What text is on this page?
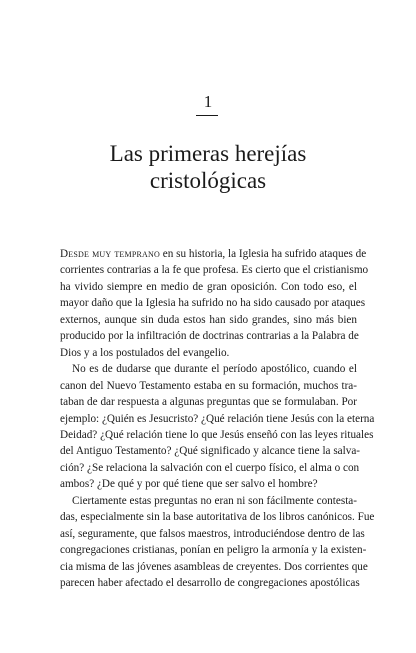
1
Las primeras herejías
cristológicas

Desde muy temprano en su historia, la Iglesia ha sufrido ataques de
corrientes contrarias a la fe que profesa. Es cierto que el cristianismo
ha vivido siempre en medio de gran oposición. Con todo eso, el
mayor daño que la Iglesia ha sufrido no ha sido causado por ataques
externos, aunque sin duda estos han sido grandes, sino más bien
producido por la infiltración de doctrinas contrarias a la Palabra de
Dios y a los postulados del evangelio.

No es de dudarse que durante el período apostólico, cuando el
canon del Nuevo Testamento estaba en su formación, muchos tra-
taban de dar respuesta a algunas preguntas que se formulaban. Por
ejemplo: ¿Quién es Jesucristo? ¿Qué relación tiene Jesús con la eterna
Deidad? ¿Qué relación tiene lo que Jesús enseñó con las leyes rituales
del Antiguo Testamento? ¿Qué significado y alcance tiene la salva-
ción? ¿Se relaciona la salvación con el cuerpo físico, el alma o con
ambos? ¿De qué y por qué tiene que ser salvo el hombre?

Ciertamente estas preguntas no eran ni son fácilmente contesta-
das, especialmente sin la base autoritativa de los libros canónicos. Fue
así, seguramente, que falsos maestros, introduciéndose dentro de las
congregaciones cristianas, ponían en peligro la armonía y la existen-
cia misma de las jóvenes asambleas de creyentes. Dos corrientes que
parecen haber afectado el desarrollo de congregaciones apostólicas
